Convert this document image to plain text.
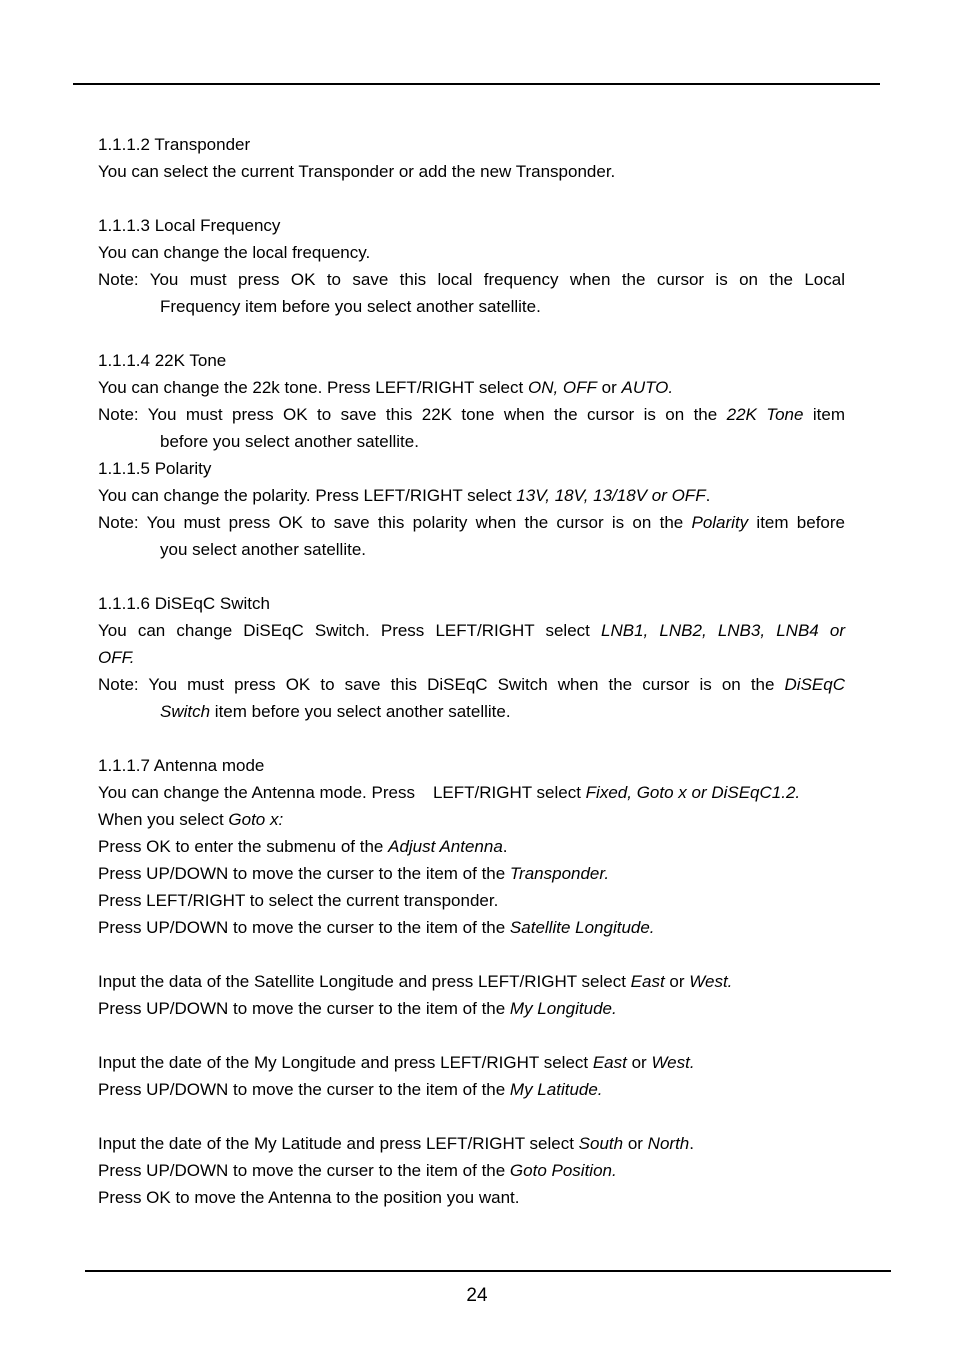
1.1.1.2 Transponder

You can select the current Transponder or add the new Transponder.

1.1.1.3 Local Frequency

You can change the local frequency.

Note: You must press OK to save this local frequency when the cursor is on the Local

Frequency item before you select another satellite.

1.1.1.4 22K Tone

You can change the 22k tone. Press LEFT/RIGHT select ON, OFF or AUTO.

Note: You must press OK to save this 22K tone when the cursor is on the 22K Tone item

before you select another satellite.

1.1.1.5 Polarity

You can change the polarity. Press LEFT/RIGHT select 13V, 18V, 13/18V or OFF.

Note: You must press OK to save this polarity when the cursor is on the Polarity item before

you select another satellite.

1.1.1.6 DiSEqC Switch

You can change DiSEqC Switch. Press LEFT/RIGHT select LNB1, LNB2, LNB3, LNB4 or

OFF.

Note: You must press OK to save this DiSEqC Switch when the cursor is on the DiSEqC

Switch item before you select another satellite.

1.1.1.7 Antenna mode

You can change the Antenna mode. Press LEFT/RIGHT select Fixed, Goto x or DiSEqC1.2.

When you select Goto x:

Press OK to enter the submenu of the Adjust Antenna.

Press UP/DOWN to move the curser to the item of the Transponder.

Press LEFT/RIGHT to select the current transponder.

Press UP/DOWN to move the curser to the item of the Satellite Longitude.

Input the data of the Satellite Longitude and press LEFT/RIGHT select East or West.

Press UP/DOWN to move the curser to the item of the My Longitude.

Input the date of the My Longitude and press LEFT/RIGHT select East or West.

Press UP/DOWN to move the curser to the item of the My Latitude.

Input the date of the My Latitude and press LEFT/RIGHT select South or North.

Press UP/DOWN to move the curser to the item of the Goto Position.

Press OK to move the Antenna to the position you want.

24
